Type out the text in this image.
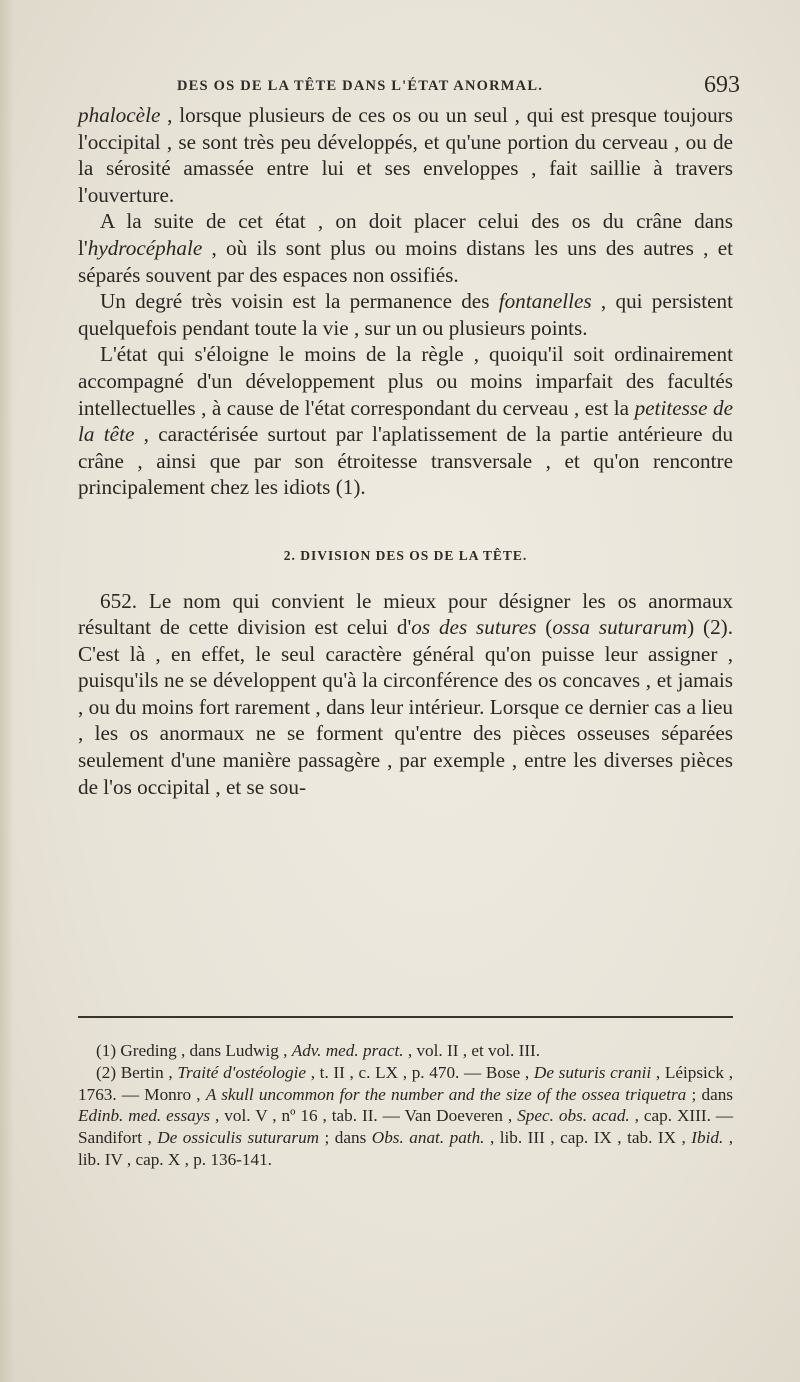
DES OS DE LA TÊTE DANS L'ÉTAT ANORMAL.	693

phalocèle , lorsque plusieurs de ces os ou un seul , qui est presque toujours l'occipital , se sont très peu développés, et qu'une portion du cerveau , ou de la sérosité amassée entre lui et ses enveloppes , fait saillie à travers l'ouverture.

A la suite de cet état , on doit placer celui des os du crâne dans l'hydrocéphale , où ils sont plus ou moins distans les uns des autres , et séparés souvent par des espaces non ossifiés.

Un degré très voisin est la permanence des fontanelles , qui persistent quelquefois pendant toute la vie , sur un ou plusieurs points.

L'état qui s'éloigne le moins de la règle , quoiqu'il soit ordinairement accompagné d'un développement plus ou moins imparfait des facultés intellectuelles , à cause de l'état correspondant du cerveau , est la petitesse de la tête , caractérisée surtout par l'aplatissement de la partie antérieure du crâne , ainsi que par son étroitesse transversale , et qu'on rencontre principalement chez les idiots (1).

2. DIVISION DES OS DE LA TÊTE.

652. Le nom qui convient le mieux pour désigner les os anormaux résultant de cette division est celui d'os des sutures (ossa suturarum) (2). C'est là , en effet, le seul caractère général qu'on puisse leur assigner , puisqu'ils ne se développent qu'à la circonférence des os concaves , et jamais , ou du moins fort rarement , dans leur intérieur. Lorsque ce dernier cas a lieu , les os anormaux ne se forment qu'entre des pièces osseuses séparées seulement d'une manière passagère , par exemple , entre les diverses pièces de l'os occipital , et se sou-

(1) Greding , dans Ludwig , Adv. med. pract. , vol. II , et vol. III.

(2) Bertin , Traité d'ostéologie , t. II , c. LX , p. 470. — Bose , De suturis cranii , Léipsick , 1763. — Monro , A skull uncommon for the number and the size of the ossea triquetra ; dans Edinb. med. essays , vol. V , nº 16 , tab. II. — Van Doeveren , Spec. obs. acad. , cap. XIII. — Sandifort , De ossiculis suturarum ; dans Obs. anat. path. , lib. III , cap. IX , tab. IX , Ibid. , lib. IV , cap. X , p. 136-141.
